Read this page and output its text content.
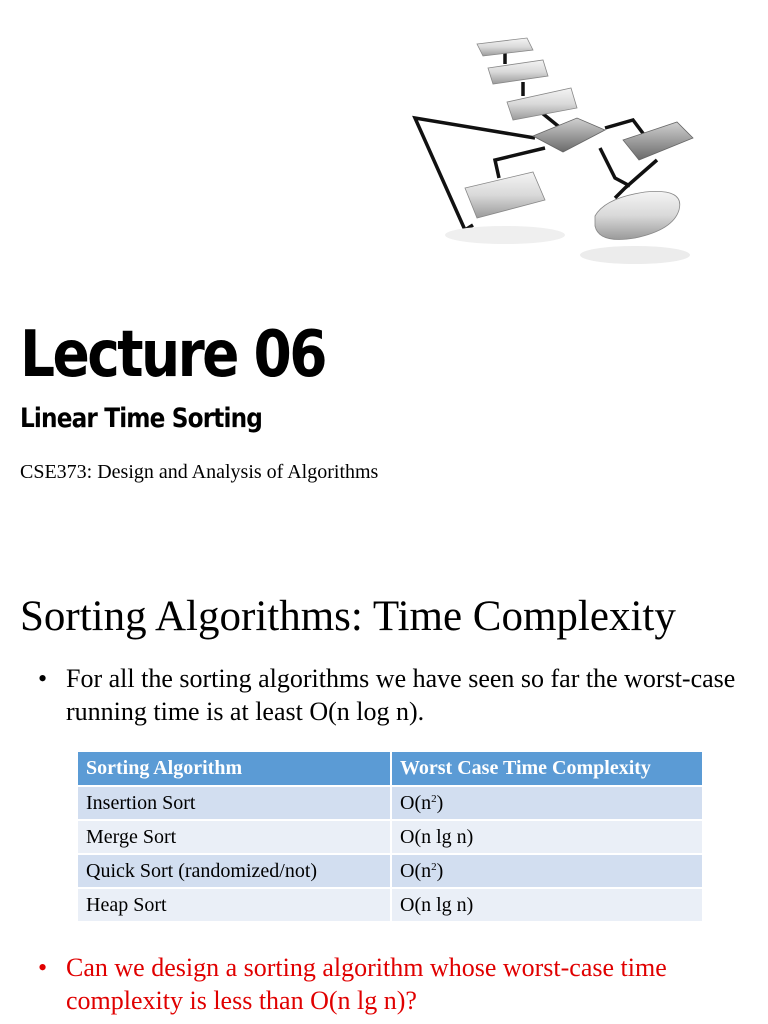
Lecture 06
Linear Time Sorting
CSE373: Design and Analysis of Algorithms
Sorting Algorithms: Time Complexity
• For all the sorting algorithms we have seen so far the worst-case running time is at least O(n log n).
Sorting Algorithm	Worst Case Time Complexity
Insertion Sort	$O(n^2)$
Merge Sort	O(n lg n)
Quick Sort (randomized/not)	$O(n^2)$
Heap Sort	O(n lg n)
• Can we design a sorting algorithm whose worst-case time complexity is less than O(n lg n)?
